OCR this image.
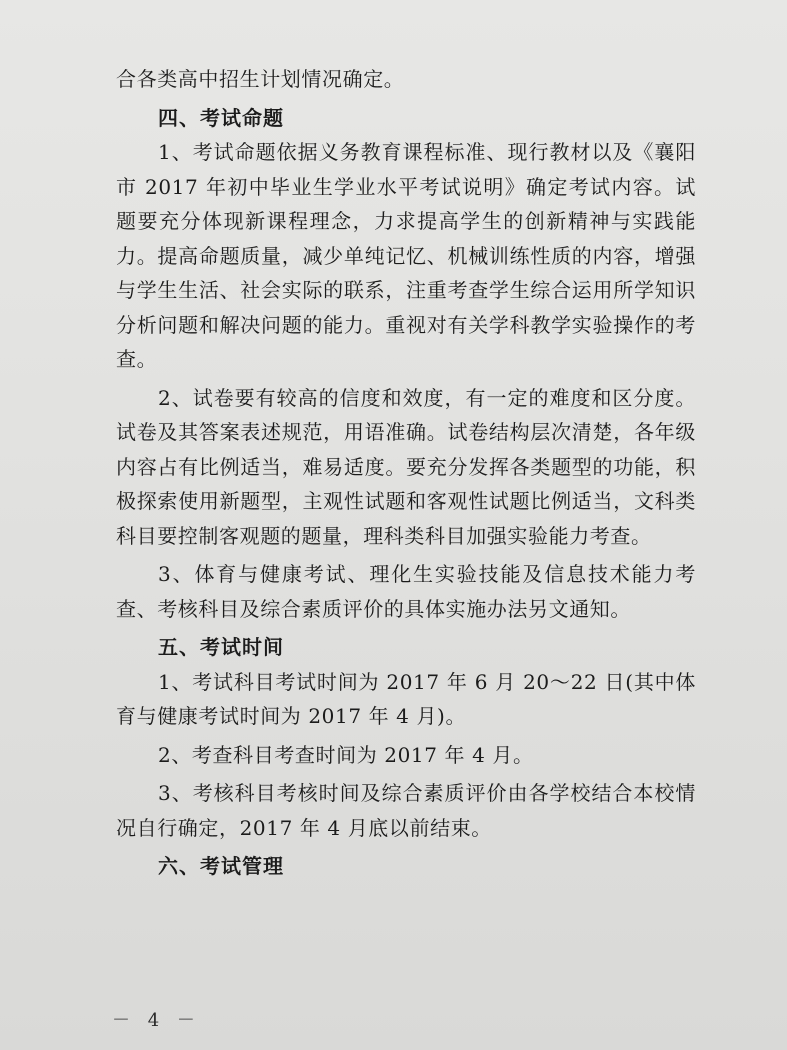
合各类高中招生计划情况确定。

四、考试命题

1、考试命题依据义务教育课程标准、现行教材以及《襄阳市 2017 年初中毕业生学业水平考试说明》确定考试内容。试题要充分体现新课程理念，力求提高学生的创新精神与实践能力。提高命题质量，减少单纯记忆、机械训练性质的内容，增强与学生生活、社会实际的联系，注重考查学生综合运用所学知识分析问题和解决问题的能力。重视对有关学科教学实验操作的考查。

2、试卷要有较高的信度和效度，有一定的难度和区分度。试卷及其答案表述规范，用语准确。试卷结构层次清楚，各年级内容占有比例适当，难易适度。要充分发挥各类题型的功能，积极探索使用新题型，主观性试题和客观性试题比例适当，文科类科目要控制客观题的题量，理科类科目加强实验能力考查。

3、体育与健康考试、理化生实验技能及信息技术能力考查、考核科目及综合素质评价的具体实施办法另文通知。

五、考试时间

1、考试科目考试时间为 2017 年 6 月 20～22 日(其中体育与健康考试时间为 2017 年 4 月)。

2、考查科目考查时间为 2017 年 4 月。

3、考核科目考核时间及综合素质评价由各学校结合本校情况自行确定，2017 年 4 月底以前结束。

六、考试管理

－ 4 －
